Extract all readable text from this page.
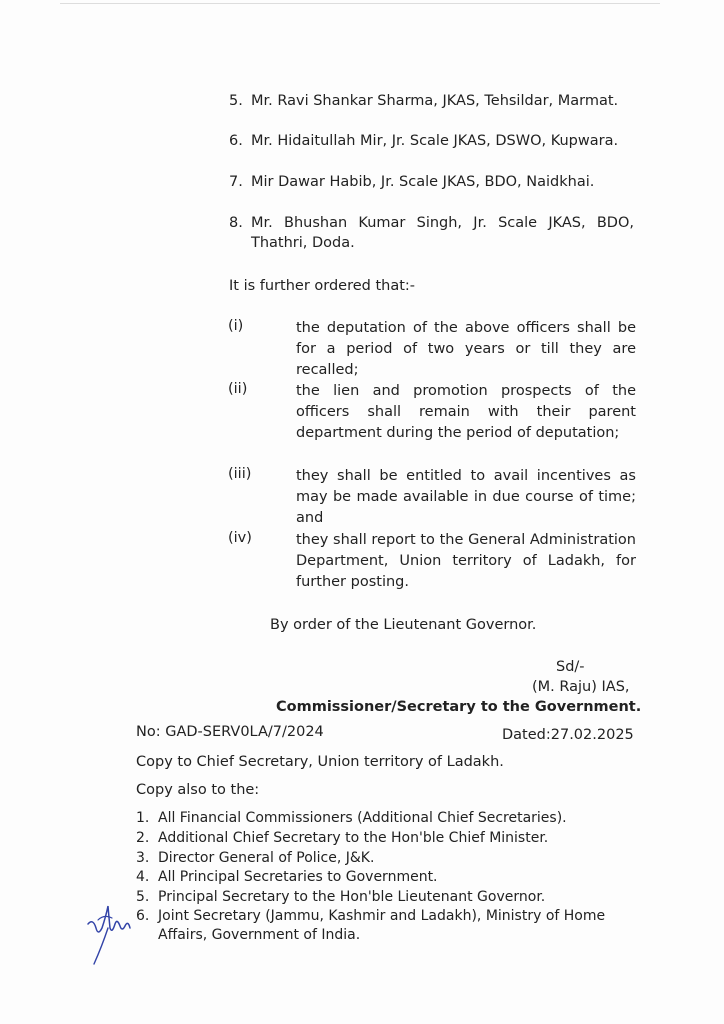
5. Mr. Ravi Shankar Sharma, JKAS, Tehsildar, Marmat.
6. Mr. Hidaitullah Mir, Jr. Scale JKAS, DSWO, Kupwara.
7. Mir Dawar Habib, Jr. Scale JKAS, BDO, Naidkhai.
8. Mr. Bhushan Kumar Singh, Jr. Scale JKAS, BDO,
Thathri, Doda.
It is further ordered that:-
(i)	the deputation of the above officers shall be for a period of two years or till they are recalled;
(ii)	the lien and promotion prospects of the officers shall remain with their parent department during the period of deputation;
(iii)	they shall be entitled to avail incentives as may be made available in due course of time; and
(iv)	they shall report to the General Administration Department, Union territory of Ladakh, for further posting.
By order of the Lieutenant Governor.
Sd/-
(M. Raju) IAS,
Commissioner/Secretary to the Government.
No: GAD-SERV0LA/7/2024	Dated:27.02.2025
Copy to Chief Secretary, Union territory of Ladakh.
Copy also to the:
1. All Financial Commissioners (Additional Chief Secretaries).
2. Additional Chief Secretary to the Hon'ble Chief Minister.
3. Director General of Police, J&K.
4. All Principal Secretaries to Government.
5. Principal Secretary to the Hon'ble Lieutenant Governor.
6. Joint Secretary (Jammu, Kashmir and Ladakh), Ministry of Home
Affairs, Government of India.
